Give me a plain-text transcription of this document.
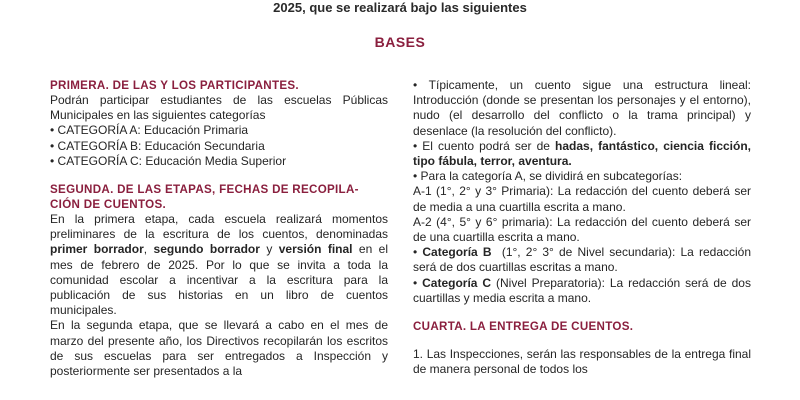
2025, que se realizará bajo las siguientes
BASES
PRIMERA. DE LAS Y LOS PARTICIPANTES.

Podrán participar estudiantes de las escuelas Públicas Municipales en las siguientes categorías

• CATEGORÍA A: Educación Primaria
• CATEGORÍA B: Educación Secundaria
• CATEGORÍA C: Educación Media Superior
SEGUNDA. DE LAS ETAPAS, FECHAS DE RECOPILA-
CIÓN DE CUENTOS.

En la primera etapa, cada escuela realizará momentos preliminares de la escritura de los cuentos, denominadas primer borrador, segundo borrador y versión final en el mes de febrero de 2025. Por lo que se invita a toda la comunidad escolar a incentivar a la escritura para la publicación de sus historias en un libro de cuentos municipales.

En la segunda etapa, que se llevará a cabo en el mes de marzo del presente año, los Directivos recopilarán los escritos de sus escuelas para ser entregados a Inspección y posteriormente ser presentados a la

• Típicamente, un cuento sigue una estructura lineal: Introducción (donde se presentan los personajes y el entorno), nudo (el desarrollo del conflicto o la trama principal) y desenlace (la resolución del conflicto).

• El cuento podrá ser de hadas, fantástico, ciencia ficción, tipo fábula, terror, aventura.

• Para la categoría A, se dividirá en subcategorías:

A-1 (1°, 2° y 3° Primaria): La redacción del cuento deberá ser de media a una cuartilla escrita a mano.

A-2 (4°, 5° y 6° primaria): La redacción del cuento deberá ser de una cuartilla escrita a mano.

• Categoría B  (1°, 2° 3° de Nivel secundaria): La redacción será de dos cuartillas escritas a mano.

• Categoría C (Nivel Preparatoria): La redacción será de dos cuartillas y media escrita a mano.

CUARTA. LA ENTREGA DE CUENTOS.

1. Las Inspecciones, serán las responsables de la entrega final de manera personal de todos los
